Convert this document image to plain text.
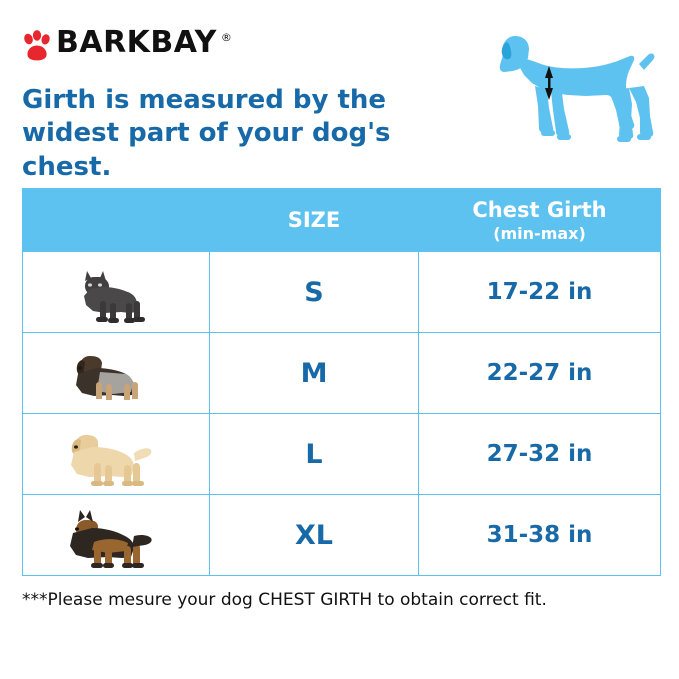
BARKBAY ®
Girth is measured by the widest part of your dog's chest.
	SIZE	Chest Girth
(min-max)

	S	17-22 in

	M	22-27 in

	L	27-32 in

	XL	31-38 in
***Please mesure your dog CHEST GIRTH to obtain correct fit.
